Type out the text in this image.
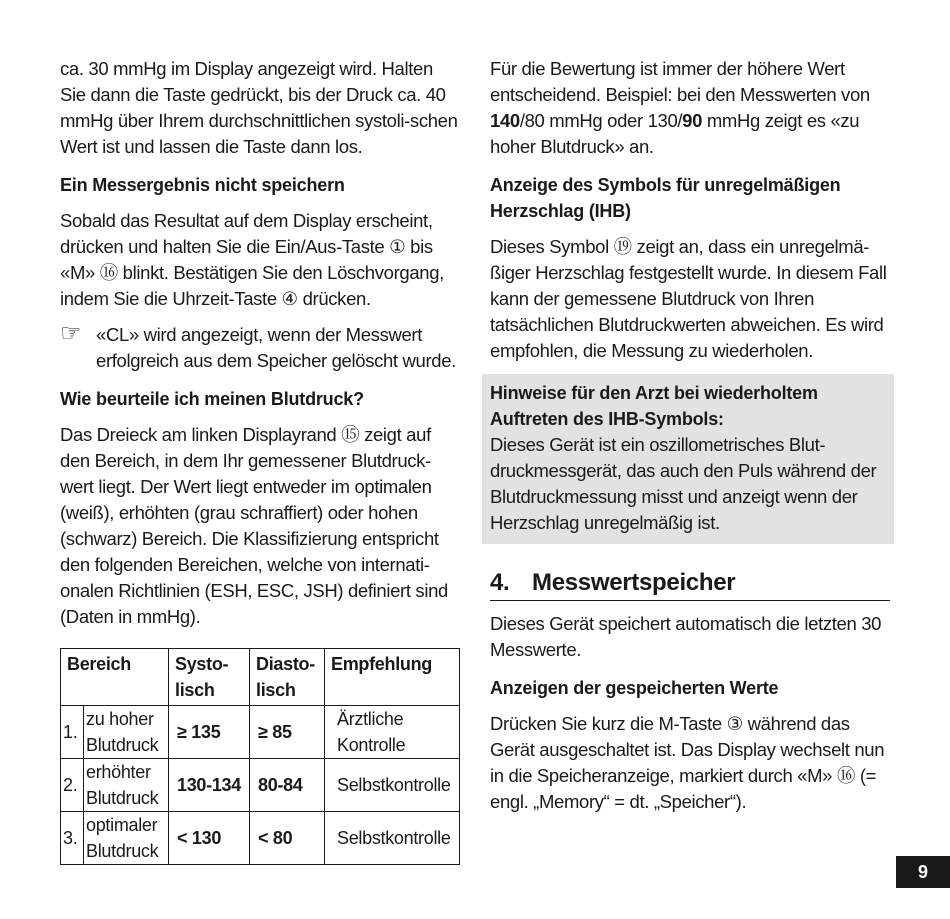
ca. 30 mmHg im Display angezeigt wird. Halten Sie dann die Taste gedrückt, bis der Druck ca. 40 mmHg über Ihrem durchschnittlichen systoli-schen Wert ist und lassen die Taste dann los.

Ein Messergebnis nicht speichern

Sobald das Resultat auf dem Display erscheint, drücken und halten Sie die Ein/Aus-Taste ① bis «M» ⑯ blinkt. Bestätigen Sie den Löschvorgang, indem Sie die Uhrzeit-Taste ④ drücken.

☞ «CL» wird angezeigt, wenn der Messwert erfolgreich aus dem Speicher gelöscht wurde.

Wie beurteile ich meinen Blutdruck?

Das Dreieck am linken Displayrand ⑮ zeigt auf den Bereich, in dem Ihr gemessener Blutdruck-wert liegt. Der Wert liegt entweder im optimalen (weiß), erhöhten (grau schraffiert) oder hohen (schwarz) Bereich. Die Klassifizierung entspricht den folgenden Bereichen, welche von internati-onalen Richtlinien (ESH, ESC, JSH) definiert sind (Daten in mmHg).

Bereich		Systo-lisch	Diasto-lisch	Empfehlung
1.	zu hoher Blutdruck	≥ 135	≥ 85	Ärztliche Kontrolle
2.	erhöhter Blutdruck	130-134	80-84	Selbstkontrolle
3.	optimaler Blutdruck	< 130	< 80	Selbstkontrolle

Für die Bewertung ist immer der höhere Wert entscheidend. Beispiel: bei den Messwerten von 140/80 mmHg oder 130/90 mmHg zeigt es «zu hoher Blutdruck» an.

Anzeige des Symbols für unregelmäßigen Herzschlag (IHB)

Dieses Symbol ⑲ zeigt an, dass ein unregelmä-ßiger Herzschlag festgestellt wurde. In diesem Fall kann der gemessene Blutdruck von Ihren tatsächlichen Blutdruckwerten abweichen. Es wird empfohlen, die Messung zu wiederholen.

Hinweise für den Arzt bei wiederholtem Auftreten des IHB-Symbols:

Dieses Gerät ist ein oszillometrisches Blut-druckmessgerät, das auch den Puls während der Blutdruckmessung misst und anzeigt wenn der Herzschlag unregelmäßig ist.

4. Messwertspeicher

Dieses Gerät speichert automatisch die letzten 30 Messwerte.

Anzeigen der gespeicherten Werte

Drücken Sie kurz die M-Taste ③ während das Gerät ausgeschaltet ist. Das Display wechselt nun in die Speicheranzeige, markiert durch «M» ⑯ (= engl. „Memory“ = dt. „Speicher“).

9
